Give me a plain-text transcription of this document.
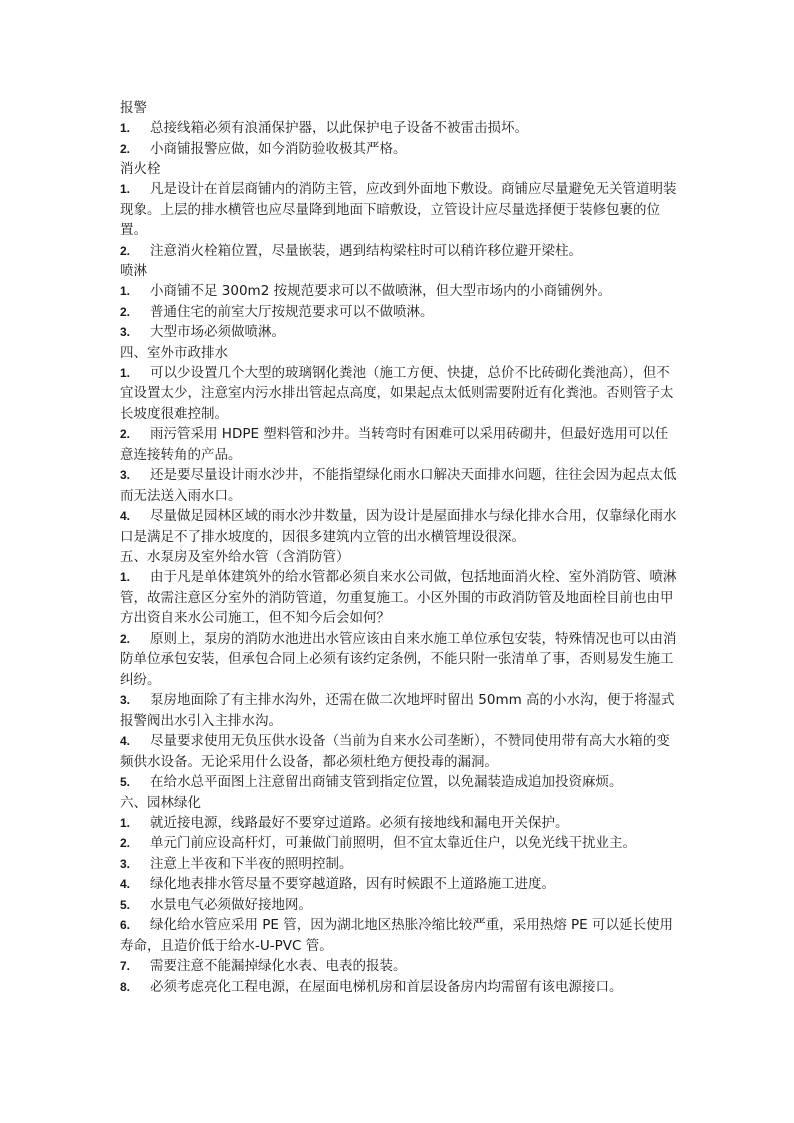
报警
1. 总接线箱必须有浪涌保护器，以此保护电子设备不被雷击损坏。
2. 小商铺报警应做，如今消防验收极其严格。
消火栓
1. 凡是设计在首层商铺内的消防主管，应改到外面地下敷设。商铺应尽量避免无关管道明装现象。上层的排水横管也应尽量降到地面下暗敷设，立管设计应尽量选择便于装修包裹的位置。
2. 注意消火栓箱位置，尽量嵌装，遇到结构梁柱时可以稍许移位避开梁柱。
喷淋
1. 小商铺不足 300m2 按规范要求可以不做喷淋，但大型市场内的小商铺例外。
2. 普通住宅的前室大厅按规范要求可以不做喷淋。
3. 大型市场必须做喷淋。
四、室外市政排水
1. 可以少设置几个大型的玻璃钢化粪池（施工方便、快捷，总价不比砖砌化粪池高），但不宜设置太少，注意室内污水排出管起点高度，如果起点太低则需要附近有化粪池。否则管子太长坡度很难控制。
2. 雨污管采用 HDPE 塑料管和沙井。当转弯时有困难可以采用砖砌井，但最好选用可以任意连接转角的产品。
3. 还是要尽量设计雨水沙井，不能指望绿化雨水口解决天面排水问题，往往会因为起点太低而无法送入雨水口。
4. 尽量做足园林区域的雨水沙井数量，因为设计是屋面排水与绿化排水合用，仅靠绿化雨水口是满足不了排水坡度的，因很多建筑内立管的出水横管埋设很深。
五、水泵房及室外给水管（含消防管）
1. 由于凡是单体建筑外的给水管都必须自来水公司做，包括地面消火栓、室外消防管、喷淋管，故需注意区分室外的消防管道，勿重复施工。小区外围的市政消防管及地面栓目前也由甲方出资自来水公司施工，但不知今后会如何？
2. 原则上，泵房的消防水池进出水管应该由自来水施工单位承包安装，特殊情况也可以由消防单位承包安装，但承包合同上必须有该约定条例，不能只附一张清单了事，否则易发生施工纠纷。
3. 泵房地面除了有主排水沟外，还需在做二次地坪时留出 50mm 高的小水沟，便于将湿式报警阀出水引入主排水沟。
4. 尽量要求使用无负压供水设备（当前为自来水公司垄断），不赞同使用带有高大水箱的变频供水设备。无论采用什么设备，都必须杜绝方便投毒的漏洞。
5. 在给水总平面图上注意留出商铺支管到指定位置，以免漏装造成追加投资麻烦。
六、园林绿化
1. 就近接电源，线路最好不要穿过道路。必须有接地线和漏电开关保护。
2. 单元门前应设高杆灯，可兼做门前照明，但不宜太靠近住户，以免光线干扰业主。
3. 注意上半夜和下半夜的照明控制。
4. 绿化地表排水管尽量不要穿越道路，因有时候跟不上道路施工进度。
5. 水景电气必须做好接地网。
6. 绿化给水管应采用 PE 管，因为湖北地区热胀冷缩比较严重，采用热熔 PE 可以延长使用寿命，且造价低于给水-U-PVC 管。
7. 需要注意不能漏掉绿化水表、电表的报装。
8. 必须考虑亮化工程电源，在屋面电梯机房和首层设备房内均需留有该电源接口。
